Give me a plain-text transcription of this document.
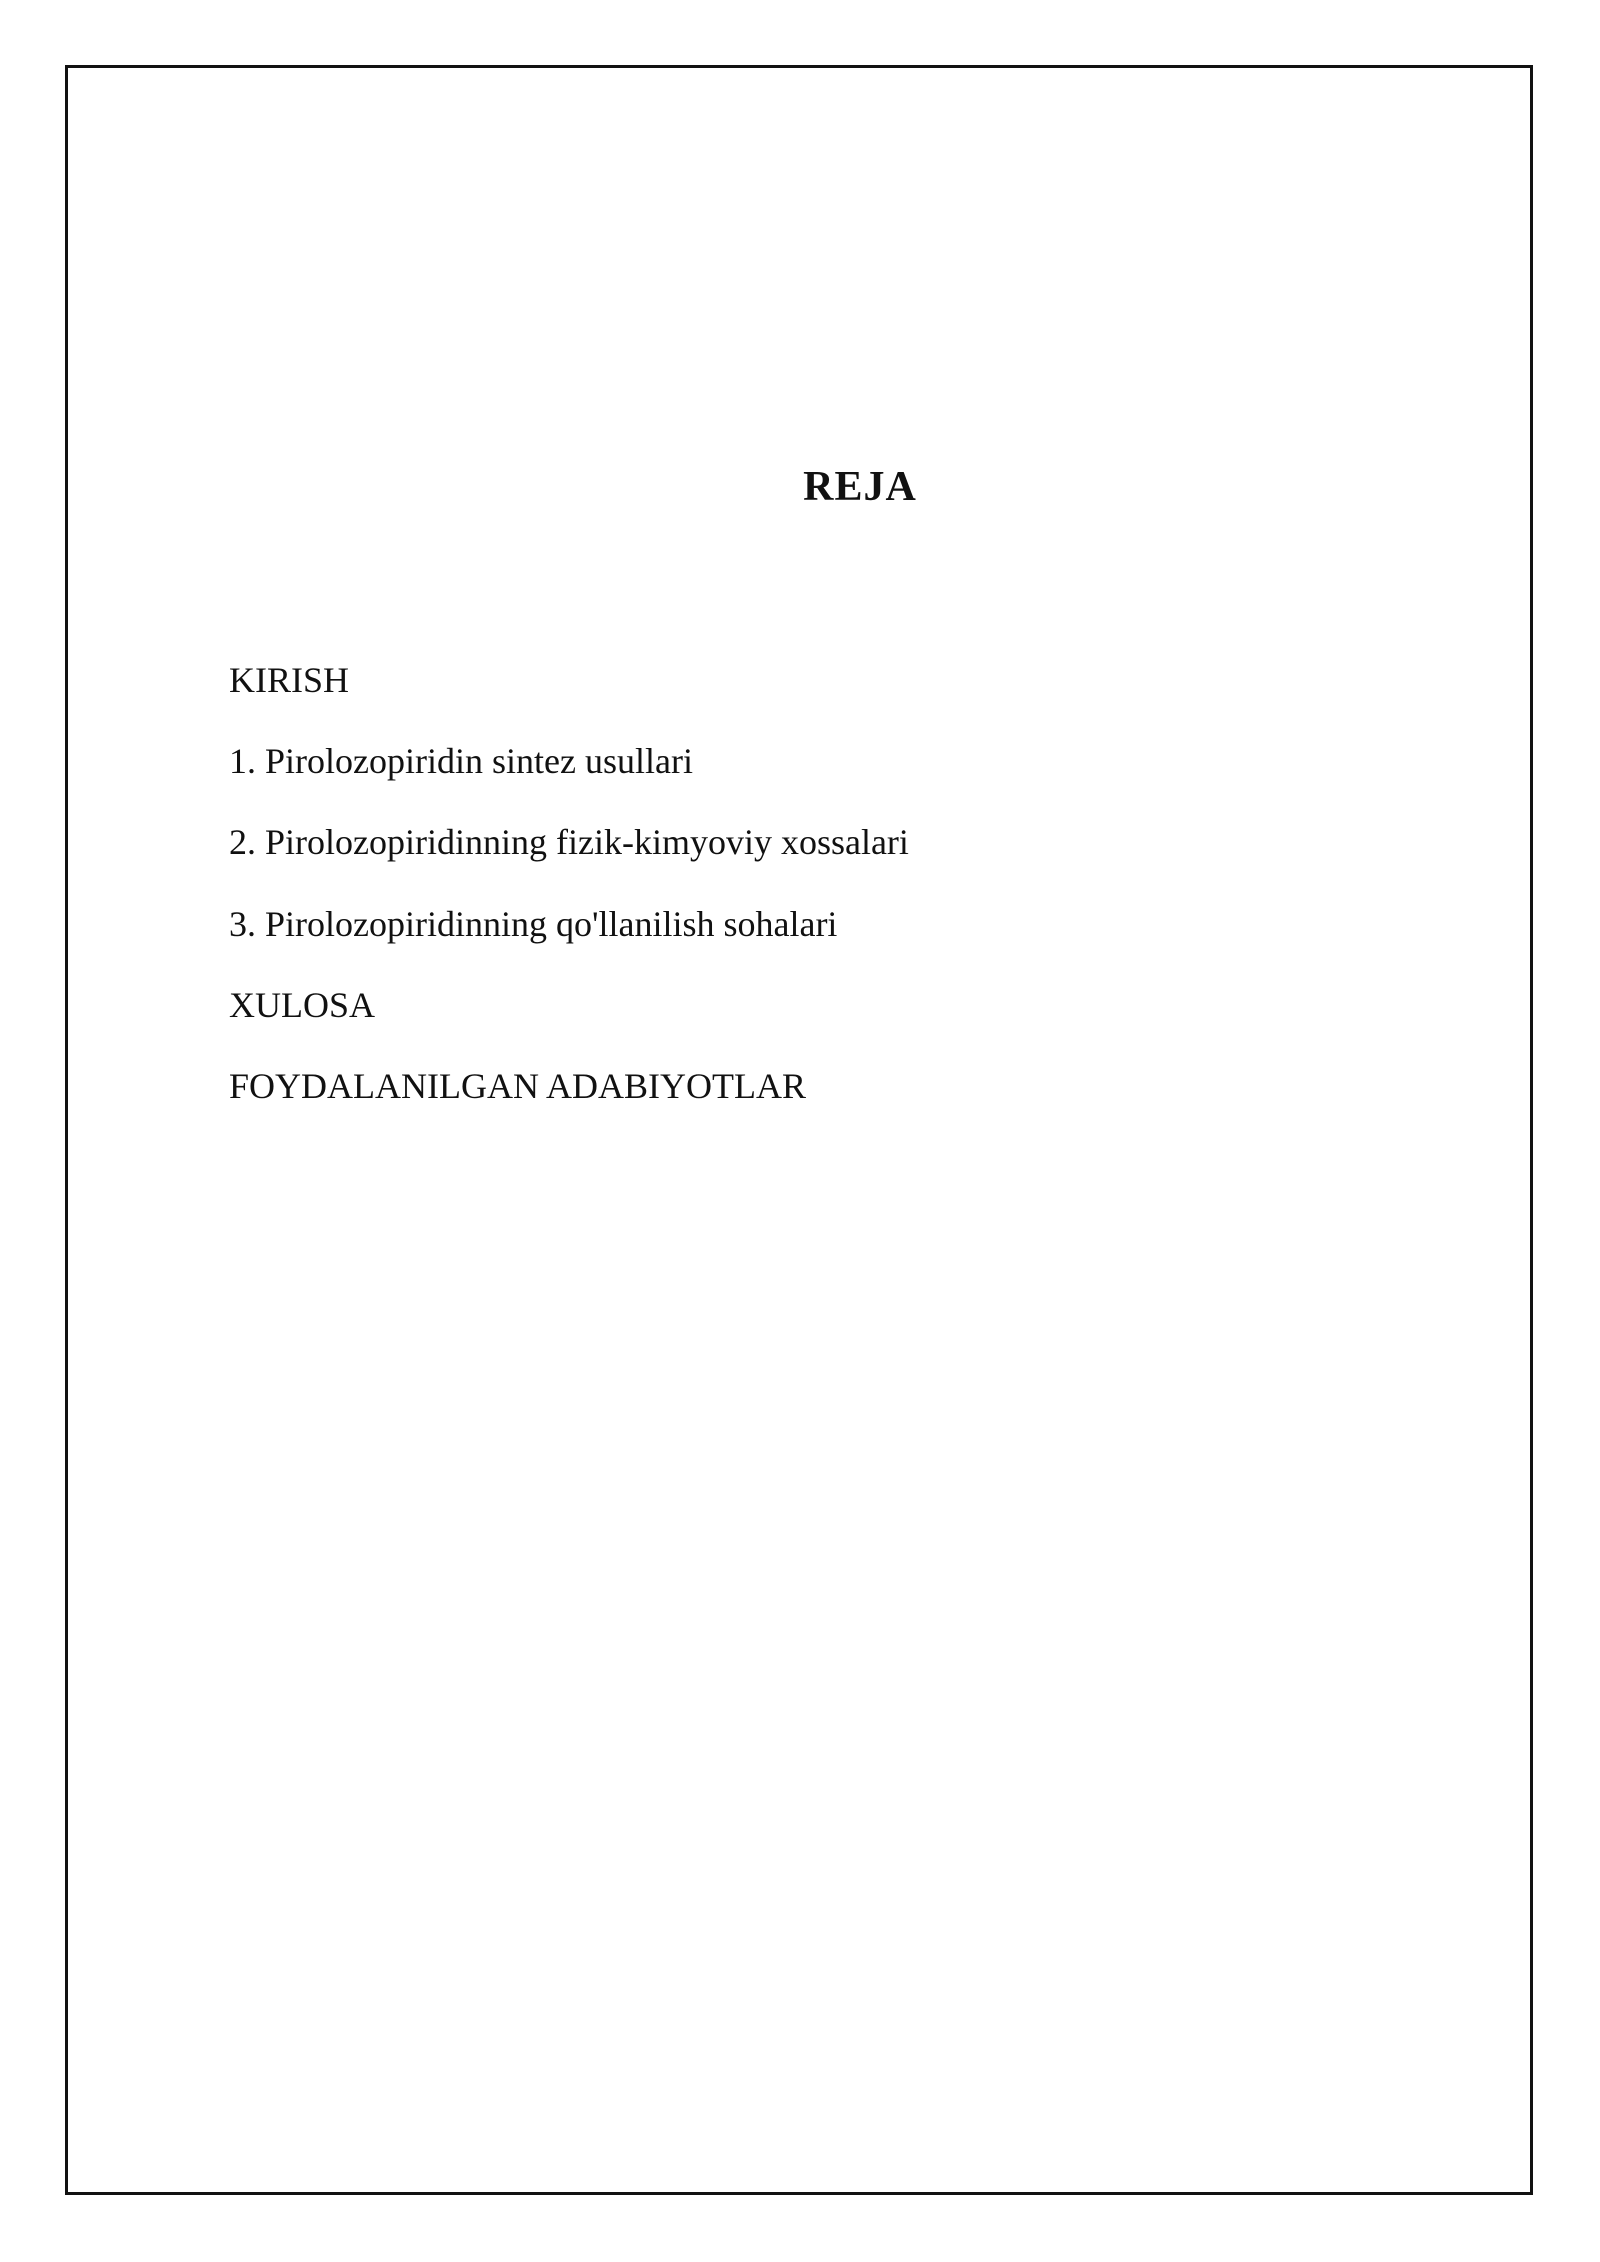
REJA
KIRISH
1. Pirolozopiridin sintez usullari
2. Pirolozopiridinning fizik-kimyoviy xossalari
3. Pirolozopiridinning qo'llanilish sohalari
XULOSA
FOYDALANILGAN ADABIYOTLAR
